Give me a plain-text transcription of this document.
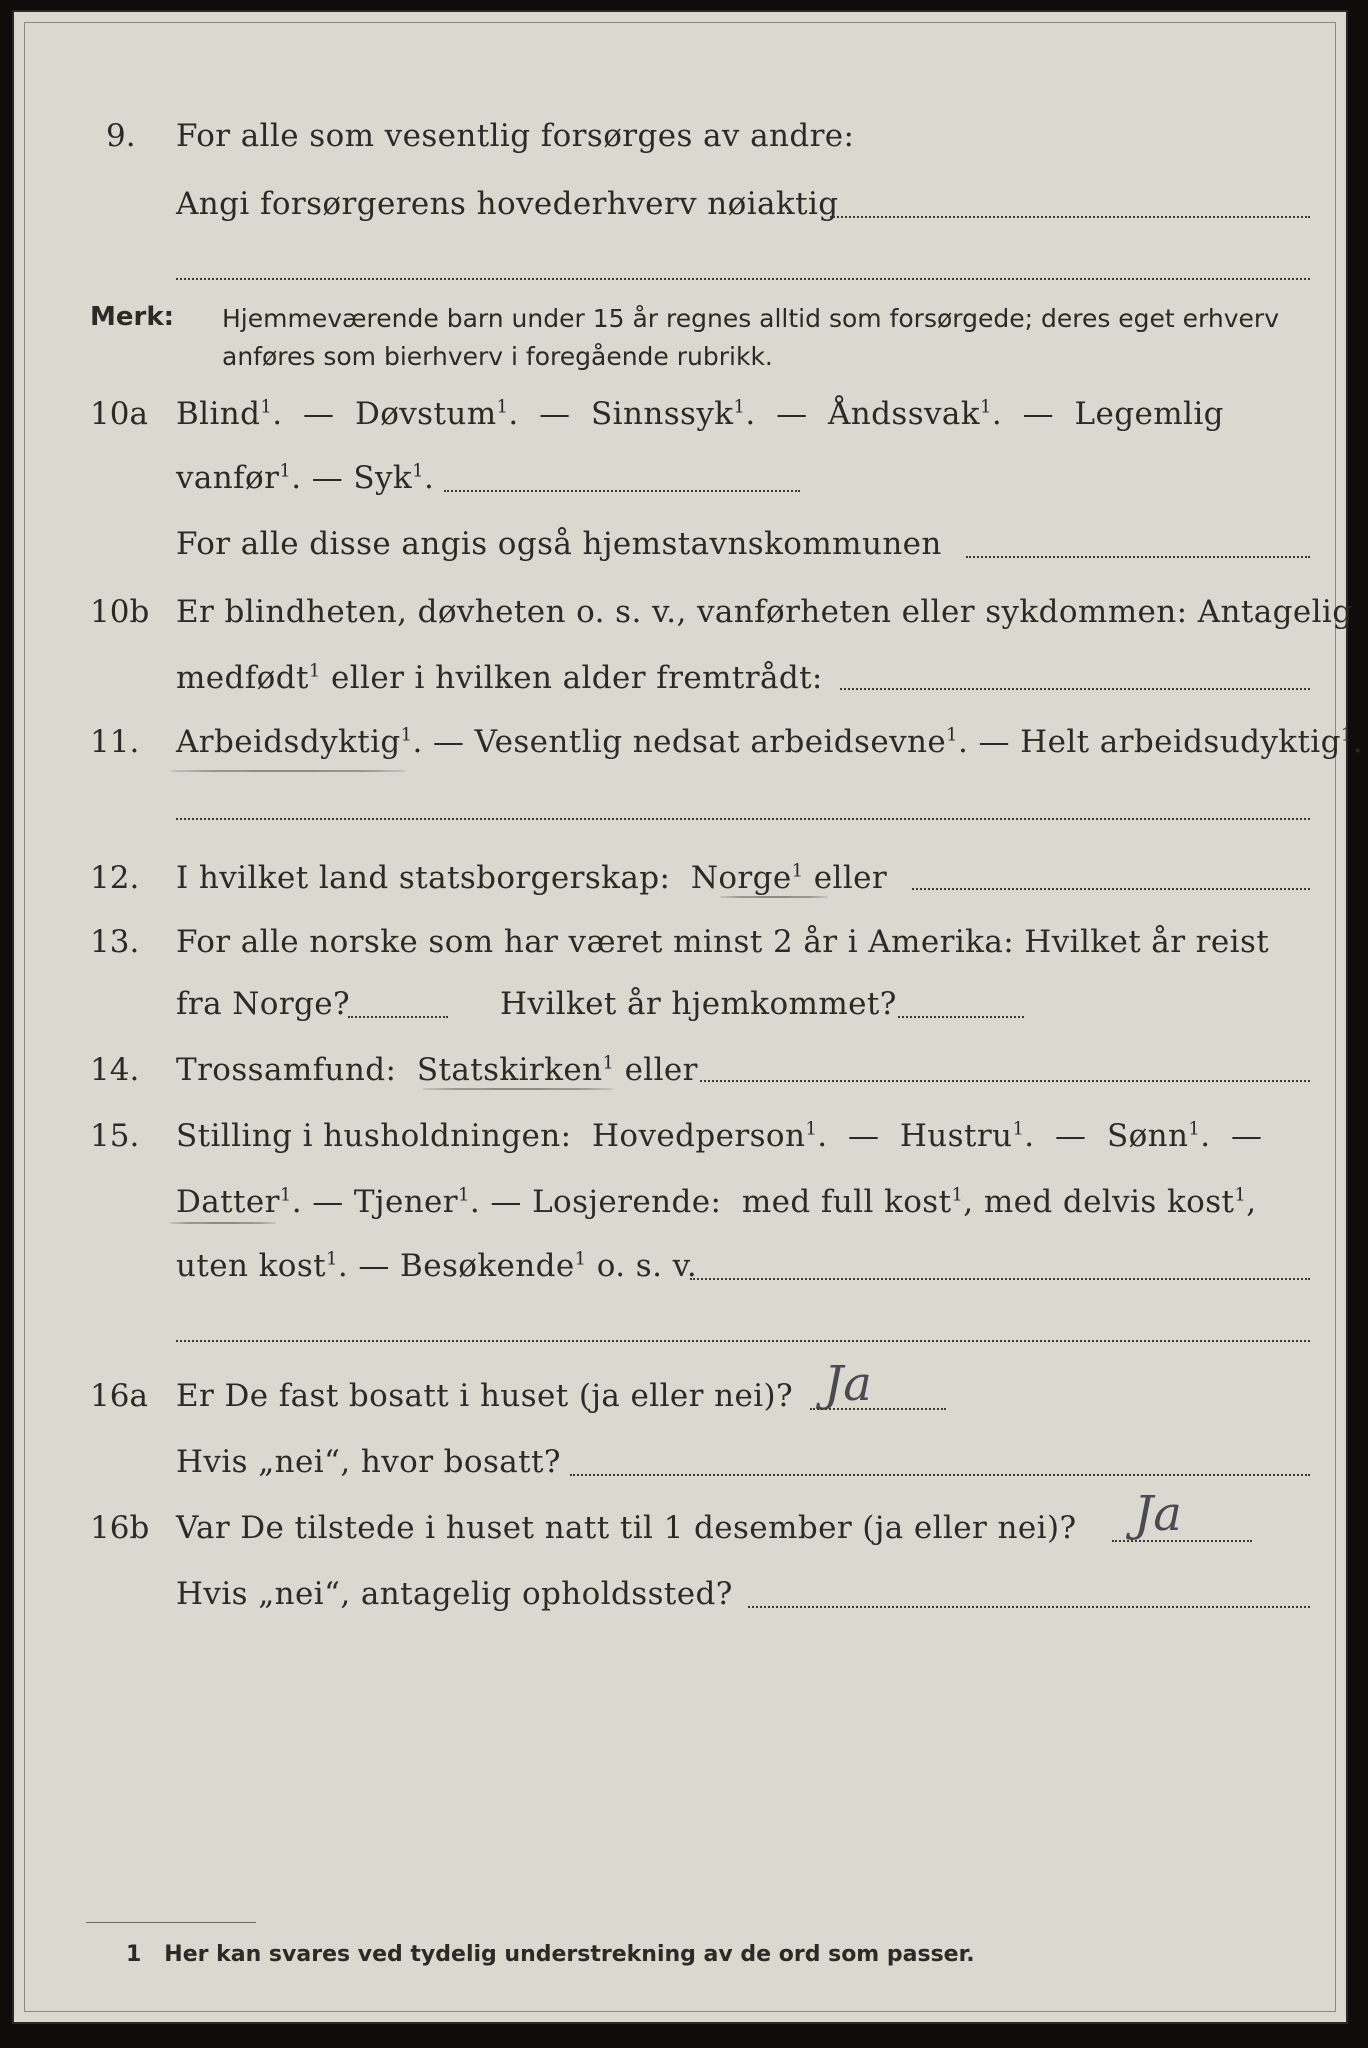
9. For alle som vesentlig forsørges av andre:
Angi forsørgerens hovederhverv nøiaktig
Merk: Hjemmeværende barn under 15 år regnes alltid som forsørgede; deres eget erhverv
anføres som bierhverv i foregående rubrikk.
10a Blind$^1$.  —  Døvstum$^1$.  —  Sinnssyk$^1$.  —  Åndssvak$^1$.  —  Legemlig
vanfør$^1$. — Syk$^1$.
For alle disse angis også hjemstavnskommunen
10b Er blindheten, døvheten o. s. v., vanførheten eller sykdommen: Antagelig
medfødt$^1$ eller i hvilken alder fremtrådt:
11. Arbeidsdyktig$^1$. — Vesentlig nedsat arbeidsevne$^1$. — Helt arbeidsudyktig$^1$.
12. I hvilket land statsborgerskap: Norge$^1$ eller
13. For alle norske som har været minst 2 år i Amerika: Hvilket år reist
fra Norge?	Hvilket år hjemkommet?
14. Trossamfund: Statskirken$^1$ eller
15. Stilling i husholdningen: Hovedperson$^1$.  —  Hustru$^1$.  —  Sønn$^1$.  —
Datter$^1$. — Tjener$^1$. — Losjerende: med full kost$^1$, med delvis kost$^1$,
uten kost$^1$. — Besøkende$^1$ o. s. v.
16a Er De fast bosatt i huset (ja eller nei)? Ja
Hvis „nei“, hvor bosatt?
16b Var De tilstede i huset natt til 1 desember (ja eller nei)? Ja
Hvis „nei“, antagelig opholdssted?
1 Her kan svares ved tydelig understrekning av de ord som passer.
